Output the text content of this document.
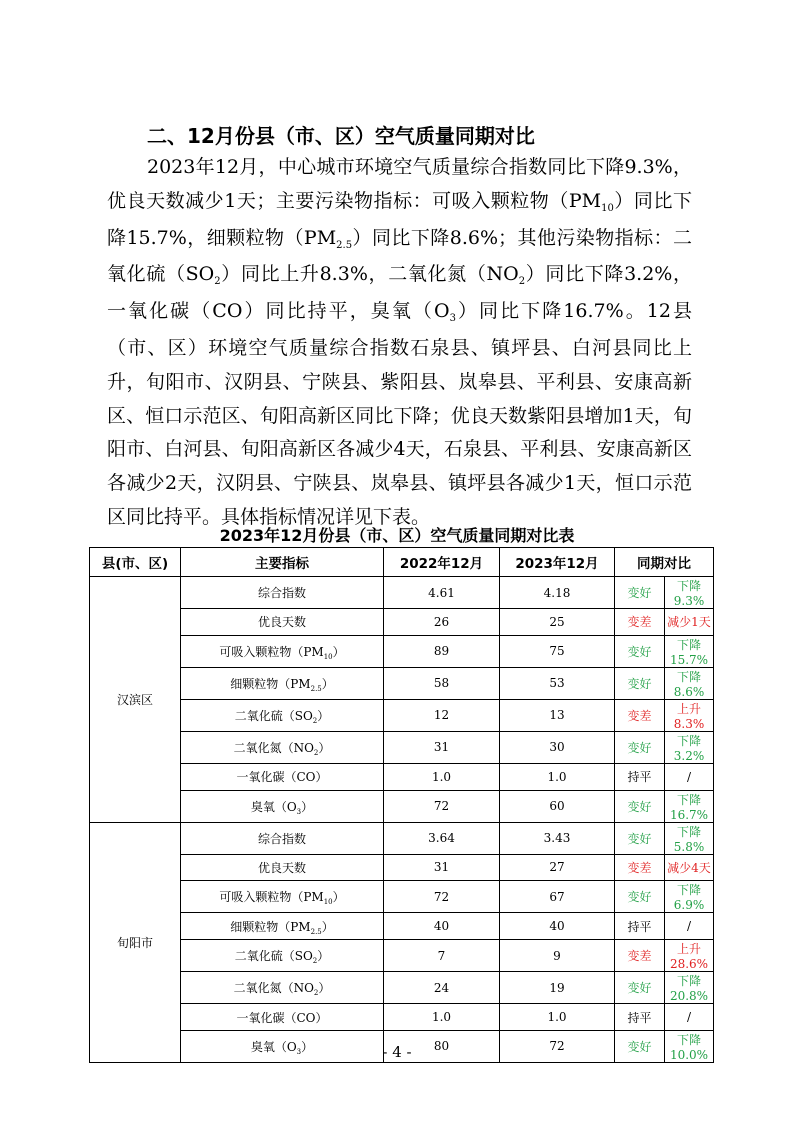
二、12月份县（市、区）空气质量同期对比

2023年12月，中心城市环境空气质量综合指数同比下降9.3%，优良天数减少1天；主要污染物指标：可吸入颗粒物$(PM_{10})$同比下降15.7%，细颗粒物$(PM_{2.5})$同比下降8.6%；其他污染物指标：二氧化硫$(SO_2)$同比上升8.3%，二氧化氮$(NO_2)$同比下降3.2%，一氧化碳（CO）同比持平，臭氧$(O_3)$同比下降16.7%。12县（市、区）环境空气质量综合指数石泉县、镇坪县、白河县同比上升，旬阳市、汉阴县、宁陕县、紫阳县、岚皋县、平利县、安康高新区、恒口示范区、旬阳高新区同比下降；优良天数紫阳县增加1天，旬阳市、白河县、旬阳高新区各减少4天，石泉县、平利县、安康高新区各减少2天，汉阴县、宁陕县、岚皋县、镇坪县各减少1天，恒口示范区同比持平。具体指标情况详见下表。

2023年12月份县（市、区）空气质量同期对比表
县(市、区)	主要指标	2022年12月	2023年12月	同期对比	
汉滨区	综合指数	4.61	4.18	变好	下降9.3%
	优良天数	26	25	变差	减少1天
	可吸入颗粒物$(PM_{10})$	89	75	变好	下降15.7%
	细颗粒物$(PM_{2.5})$	58	53	变好	下降8.6%
	二氧化硫$(SO_2)$	12	13	变差	上升8.3%
	二氧化氮$(NO_2)$	31	30	变好	下降3.2%
	一氧化碳（CO）	1.0	1.0	持平	/
	臭氧$(O_3)$	72	60	变好	下降16.7%
旬阳市	综合指数	3.64	3.43	变好	下降5.8%
	优良天数	31	27	变差	减少4天
	可吸入颗粒物$(PM_{10})$	72	67	变好	下降6.9%
	细颗粒物$(PM_{2.5})$	40	40	持平	/
	二氧化硫$(SO_2)$	7	9	变差	上升28.6%
	二氧化氮$(NO_2)$	24	19	变好	下降20.8%
	一氧化碳（CO）	1.0	1.0	持平	/
	臭氧$(O_3)$	80	72	变好	下降10.0%
- 4 -
